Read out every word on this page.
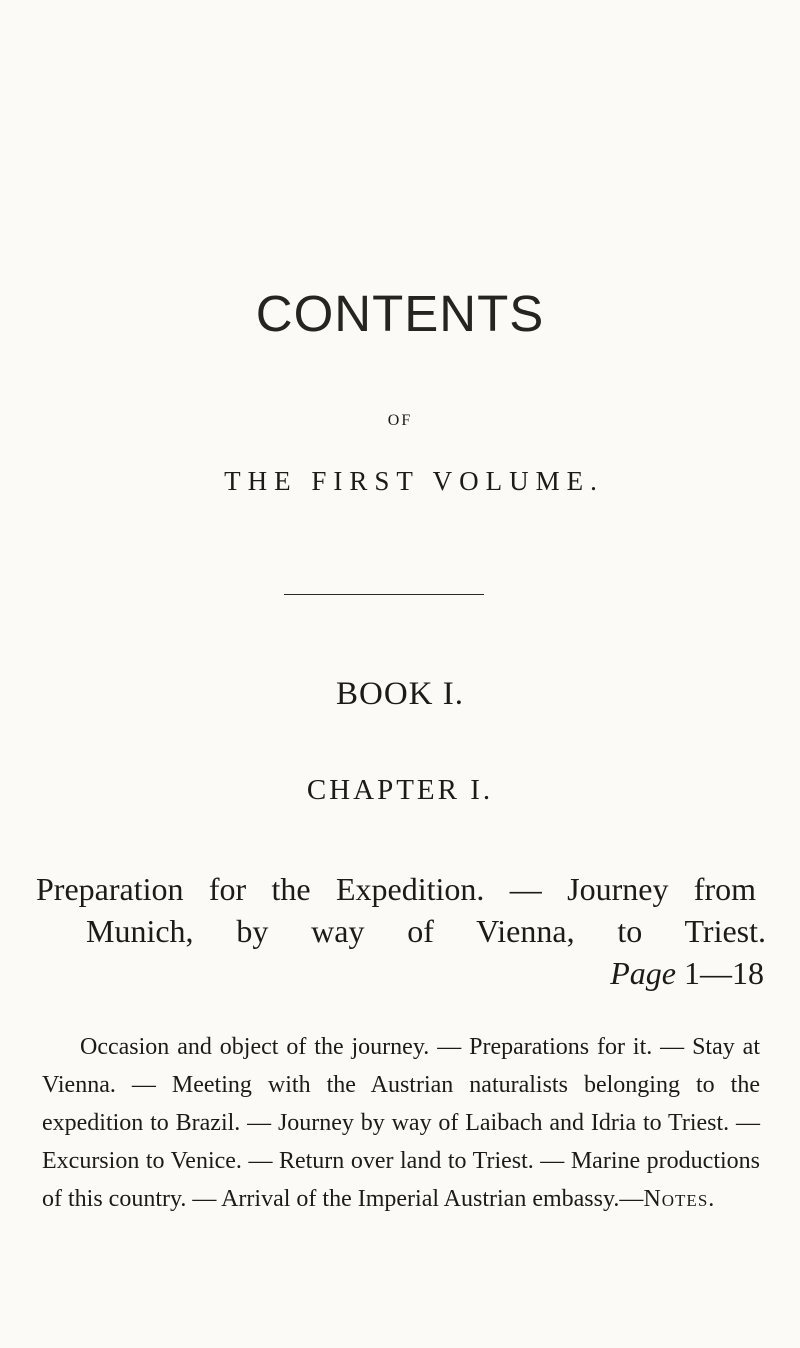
CONTENTS
OF
THE FIRST VOLUME.
BOOK I.
CHAPTER I.
Preparation for the Expedition. — Journey from
Munich, by way of Vienna, to Triest.
Page 1—18

Occasion and object of the journey. — Preparations for it. — Stay at Vienna. — Meeting with the Austrian naturalists belonging to the expedition to Brazil. — Journey by way of Laibach and Idria to Triest. — Excursion to Venice. — Return over land to Triest. — Marine productions of this country. — Arrival of the Imperial Austrian embassy.—Notes.
